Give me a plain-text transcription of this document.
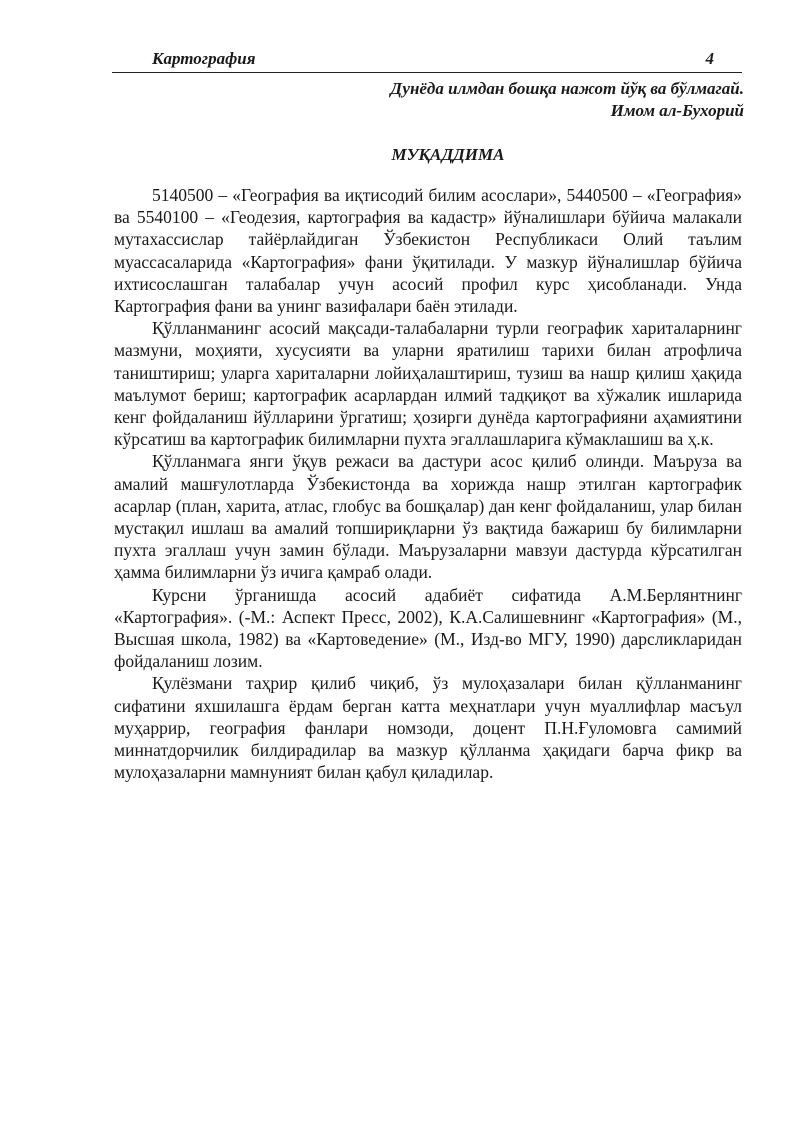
Картография	4
Дунёда илмдан бошқа нажот йўқ ва бўлмагай.
Имом ал-Бухорий
МУҚАДДИМА

5140500 – «География ва иқтисодий билим асослари», 5440500 – «География» ва 5540100 – «Геодезия, картография ва кадастр» йўналишлари бўйича малакали мутахассислар тайёрлайдиган Ўзбекистон Республикаси Олий таълим муассасаларида «Картография» фани ўқитилади. У мазкур йўналишлар бўйича ихтисослашган талабалар учун асосий профил курс ҳисобланади. Унда Картография фани ва унинг вазифалари баён этилади.

Қўлланманинг асосий мақсади-талабаларни турли географик хариталарнинг мазмуни, моҳияти, хусусияти ва уларни яратилиш тарихи билан атрофлича таништириш; уларга хариталарни лойиҳалаштириш, тузиш ва нашр қилиш ҳақида маълумот бериш; картографик асарлардан илмий тадқиқот ва хўжалик ишларида кенг фойдаланиш йўлларини ўргатиш; ҳозирги дунёда картографияни аҳамиятини кўрсатиш ва картографик билимларни пухта эгаллашларига кўмаклашиш ва ҳ.к.

Қўлланмага янги ўқув режаси ва дастури асос қилиб олинди. Маъруза ва амалий машғулотларда Ўзбекистонда ва хорижда нашр этилган картографик асарлар (план, харита, атлас, глобус ва бошқалар) дан кенг фойдаланиш, улар билан мустақил ишлаш ва амалий топшириқларни ўз вақтида бажариш бу билимларни пухта эгаллаш учун замин бўлади. Маърузаларни мавзуи дастурда кўрсатилган ҳамма билимларни ўз ичига қамраб олади.

Курсни ўрганишда асосий адабиёт сифатида А.М.Берлянтнинг «Картография». (-М.: Аспект Пресс, 2002), К.А.Салишевнинг «Картография» (М., Высшая школа, 1982) ва «Картоведение» (М., Изд-во МГУ, 1990) дарсликларидан фойдаланиш лозим.

Қулёзмани таҳрир қилиб чиқиб, ўз мулоҳазалари билан қўлланманинг сифатини яхшилашга ёрдам берган катта меҳнатлари учун муаллифлар масъул муҳаррир, география фанлари номзоди, доцент П.Н.Ғуломовга самимий миннатдорчилик билдирадилар ва мазкур қўлланма ҳақидаги барча фикр ва мулоҳазаларни мамнуният билан қабул қиладилар.
